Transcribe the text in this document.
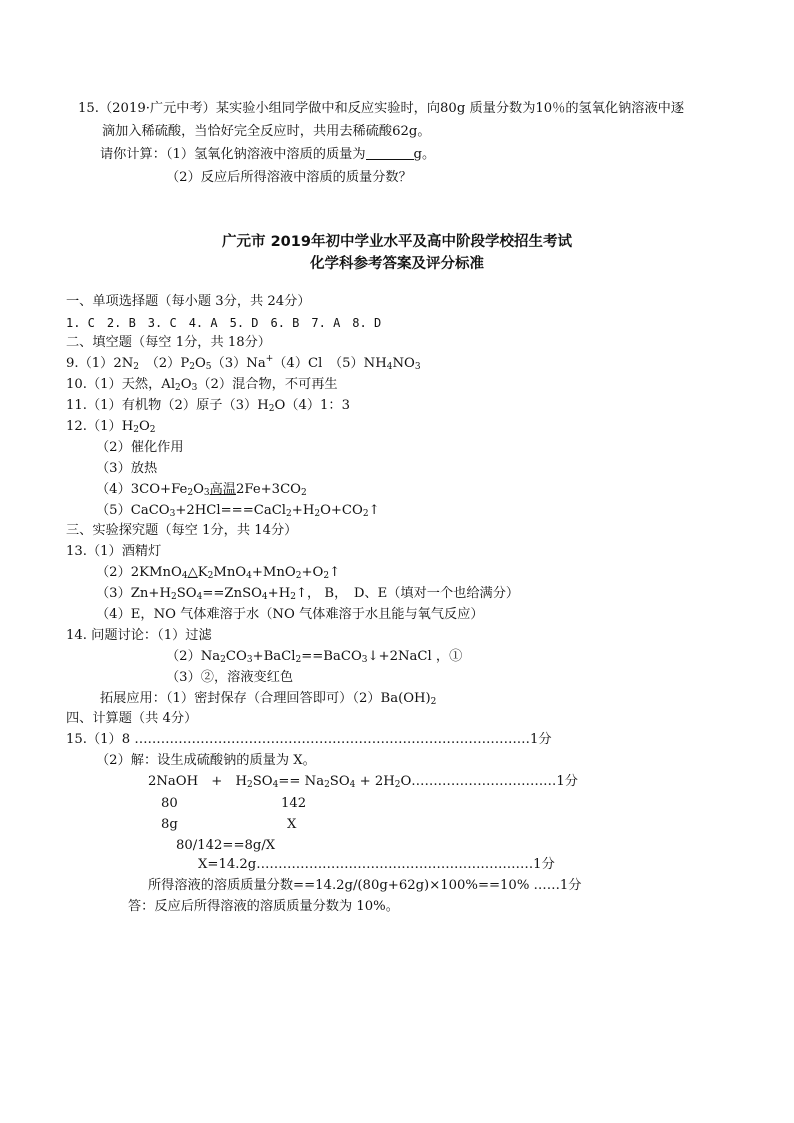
15.（2019·广元中考）某实验小组同学做中和反应实验时，向80g 质量分数为10％的氢氧化钠溶液中逐
滴加入稀硫酸，当恰好完全反应时，共用去稀硫酸62g。
请你计算：（1）氢氧化钠溶液中溶质的质量为	g。
（2）反应后所得溶液中溶质的质量分数？
广元市 2019年初中学业水平及高中阶段学校招生考试
化学科参考答案及评分标准
一、单项选择题（每小题 3分，共 24分）
1. C　2. B　3. C　4. A　5. D　6. B　7. A　8. D
二、填空题（每空 1分，共 18分）
$9.(1)2N_2$　$(2)P_2O_5(3)Na^+(4)Cl$　$(5)NH_4NO_3$
10.（1）天然，$Al_2O_3(2)$混合物，不可再生
11.（1）有机物（2）原子$(3)H_2O(4)1$：3
$12.(1)H_2O_2$
（2）催化作用
（3）放热
$(4)3CO+Fe_2O_3$高温$2Fe+3CO_2$
$(5)CaCO_3+2HCl===CaCl_2+H_2O+CO_2↑$
三、实验探究题（每空 1分，共 14分）
13.（1）酒精灯
$(2)2KMnO_4\triangle K_2MnO_4+MnO_2+O_2↑$
$(3)Zn+H_2SO_4==ZnSO_4+H_2↑$， B，　D、E（填对一个也给满分）
（4）E，NO 气体难溶于水（NO 气体难溶于水且能与氧气反应）
14. 问题讨论：（1）过滤
$(2)Na_2CO_3+BaCl_2==BaCO_3↓+2NaCl$ ，①
（3）②，溶液变红色
拓展应用：（1）密封保存（合理回答即可）$(2)Ba(OH)_2$
四、计算题（共 4分）
15.（1）8 ………………………………………………………………………………1分
（2）解：设生成硫酸钠的质量为 X。
2NaOH　+　$H_2SO_4== Na_2SO_4$ + $2H_2O\dots\dots\dots\dots\dots\dots\dots\dots\dots\dots\dots 1$分
80	142
8g	X
80/142==8g/X
X=14.2g………………………………………………………1分
所得溶液的溶质质量分数==14.2g/(80g+62g)×100%==10% ……1分
答：反应后所得溶液的溶质质量分数为 10%。
